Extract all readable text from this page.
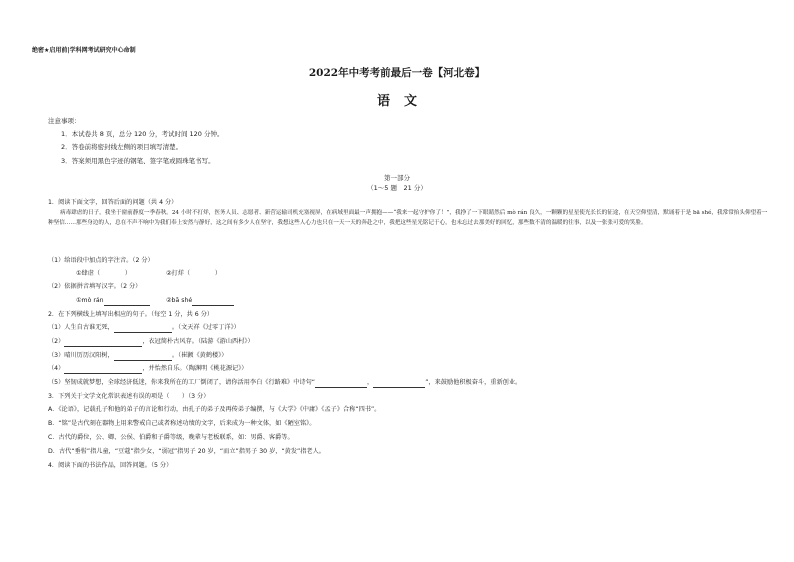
绝密★启用前|学科网考试研究中心命制
2022年中考考前最后一卷【河北卷】
语文
注意事项：
1．本试卷共 8 页，总分 120 分，考试时间 120 分钟。
2．答卷前将密封线左侧的项目填写清楚。
3．答案须用黑色字迹的钢笔、签字笔或圆珠笔书写。
第一部分
（1～5 题　21 分）
1．阅读下面文字，回答后面的问题（共 4 分）
病毒肆虐的日子，我坐于窗前静度一季春秋。24 小时不打烊，医务人员、志愿者、新营运输司机充塞视屏，在病域里面最一声拥抱——“我来一起守护你了！”，我挣了一下眼睛然后 mò rán 良久，一颗颗的星星使光长长的征途，在天空仰望清，默诵着于是 bā shé，我常常抬头仰望着一种坚信……那些身边的人，总在不声不响中为我们奉上安然与静好，这之间有多少人在坚守，我想这些人心力也只在一天一天的奔赴之中，我把这些星光铭记于心，也未忘过去那美好的回忆，那些数不清的温暖的往事，以及一张张可爱的笑脸。
（1）给语段中加点的字注音。（2 分）
①肆虐（　　　　）	②打烊（　　　　）
（2）依据拼音填写汉字。（2 分）
①mò rán	②bā shé
2．在下列横线上填写出相应的句子。（每空 1 分，共 6 分）
（1）人生自古谁无死，	。（文天祥《过零丁洋》）
（2）	，衣冠简朴古风存。（陆游《游山西村》）
（3）晴川历历汉阳树，	。（崔颢《黄鹤楼》）
（4）	，并怡然自乐。（陶渊明《桃花源记》）
（5）坚韧成就梦想，全球经济低迷，你来我所在的工厂倒闭了，请你活用李白《行路难》中诗句“	，	”，来鼓励他积极奋斗，重新创业。
3．下列关于文学文化常识表述有误的项是（　　）（3 分）
A．《论语》，记载孔子和他的弟子的言论和行动，由孔子的弟子及再传弟子编撰，与《大学》《中庸》《孟子》合称“四书”。
B．“铭”是古代刻在器物上用来警戒自己或者称述功绩的文字，后来成为一种文体，如《陋室铭》。
C．古代的爵位，公、卿、公侯、伯爵和子爵等级，晚辈与老板联系，如：男爵、客爵等。
D．古代“垂髫”指儿童，“豆蔻”指少女，“弱冠”指男子 20 岁，“而立”指男子 30 岁，“黄发”指老人。
4．阅读下面的书法作品，回答问题。（5 分）
